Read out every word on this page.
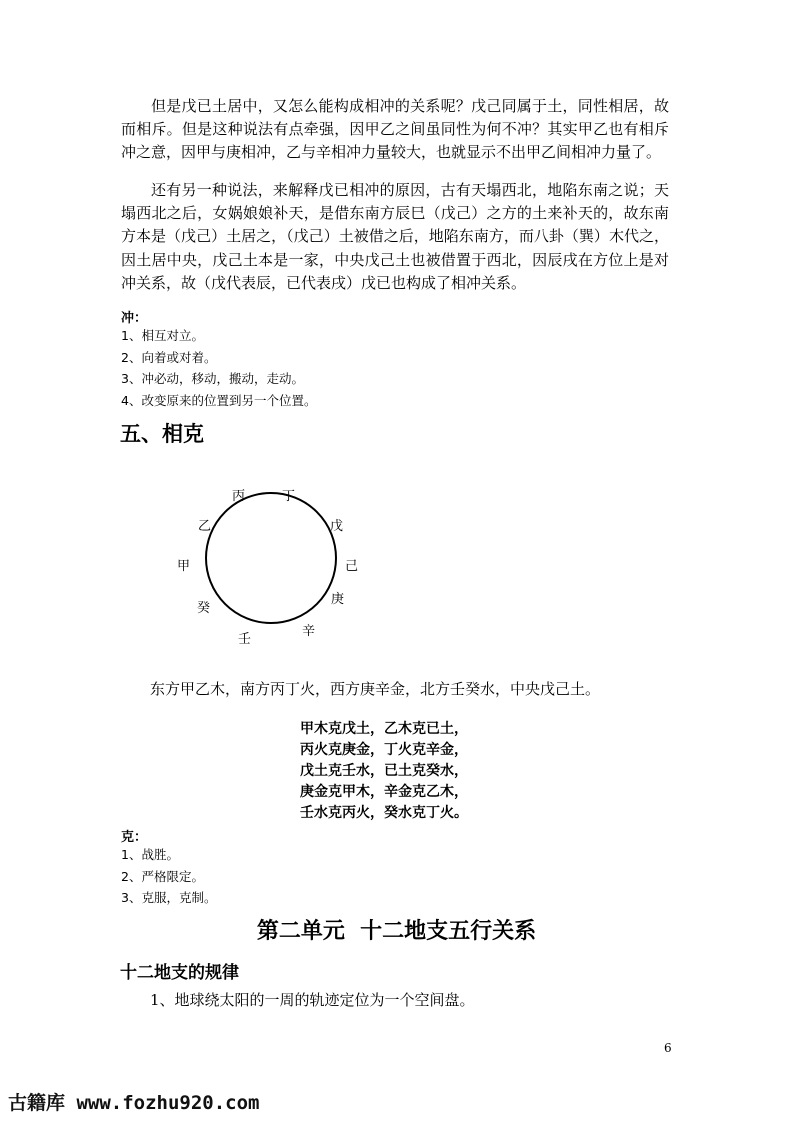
但是戊已土居中，又怎么能构成相冲的关系呢？戊己同属于土，同性相居，故而相斥。但是这种说法有点牵强，因甲乙之间虽同性为何不冲？其实甲乙也有相斥冲之意，因甲与庚相冲，乙与辛相冲力量较大，也就显示不出甲乙间相冲力量了。

还有另一种说法，来解释戊已相冲的原因，古有天塌西北，地陷东南之说；天塌西北之后，女娲娘娘补天，是借东南方辰巳（戊己）之方的土来补天的，故东南方本是（戊己）土居之，（戊己）土被借之后，地陷东南方，而八卦（巽）木代之，因土居中央，戊己土本是一家，中央戊己土也被借置于西北，因辰戌在方位上是对冲关系，故（戊代表辰，已代表戌）戊已也构成了相冲关系。

冲：
1、相互对立。
2、向着或对着。
3、冲必动，移动，搬动，走动。
4、改变原来的位置到另一个位置。
五、相克
丙	丁
戊
己
庚
辛
壬
癸
甲
乙

东方甲乙木，南方丙丁火，西方庚辛金，北方壬癸水，中央戊己土。

甲木克戊土，乙木克已土，
丙火克庚金，丁火克辛金，
戊土克壬水，已土克癸水，
庚金克甲木，辛金克乙木，
壬水克丙火，癸水克丁火。
克：
1、战胜。
2、严格限定。
3、克服，克制。
第二单元  十二地支五行关系
十二地支的规律

1、地球绕太阳的一周的轨迹定位为一个空间盘。

6
古籍库 www.fozhu920.com
